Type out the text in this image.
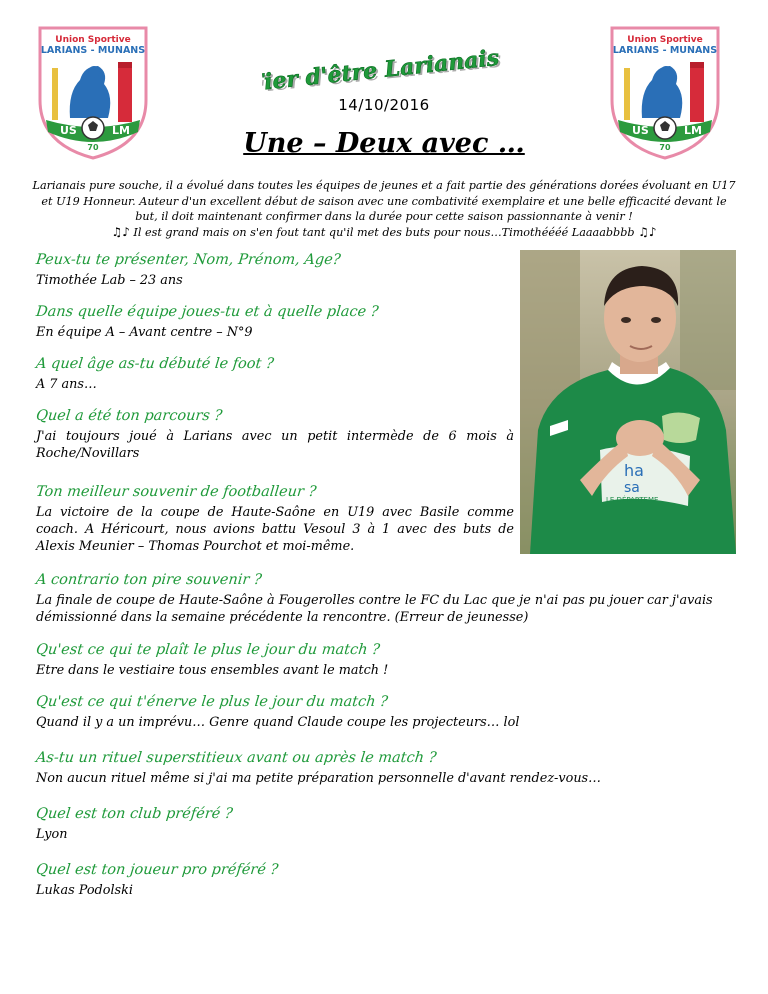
Union Sportive
LARIANS - MUNANS
US	LM
70
Union Sportive
LARIANS - MUNANS
US	LM
70
Fier d'être Larianais
Fier d'être Larianais
14/10/2016
Une – Deux avec …
Larianais pure souche, il a évolué dans toutes les équipes de jeunes et a fait partie des générations dorées évoluant en U17 et U19 Honneur. Auteur d'un excellent début de saison avec une combativité exemplaire et une belle efficacité devant le but, il doit maintenant confirmer dans la durée pour cette saison passionnante à venir !
♫♪ Il est grand mais on s'en fout tant qu'il met des buts pour nous…Timothéééé Laaaabbbb ♫♪
ha
sa
LE DÉPARTEME
Peux-tu te présenter, Nom, Prénom, Age?
Timothée Lab – 23 ans
Dans quelle équipe joues-tu et à quelle place ?
En équipe A – Avant centre – N°9
A quel âge as-tu débuté le foot ?
A 7 ans…
Quel a été ton parcours ?
J'ai toujours joué à Larians avec un petit intermède de 6 mois à Roche/Novillars
Ton meilleur souvenir de footballeur ?
La victoire de la coupe de Haute-Saône en U19 avec Basile comme coach. A Héricourt, nous avions battu Vesoul 3 à 1 avec des buts de Alexis Meunier – Thomas Pourchot et moi-même.
A contrario ton pire souvenir ?
La finale de coupe de Haute-Saône à Fougerolles contre le FC du Lac que je n'ai pas pu jouer car j'avais démissionné dans la semaine précédente la rencontre. (Erreur de jeunesse)
Qu'est ce qui te plaît le plus le jour du match ?
Etre dans le vestiaire tous ensembles avant le match !
Qu'est ce qui t'énerve le plus le jour du match ?
Quand il y a un imprévu… Genre quand Claude coupe les projecteurs… lol
As-tu un rituel superstitieux avant ou après le match ?
Non aucun rituel même si j'ai ma petite préparation personnelle d'avant rendez-vous…
Quel est ton club préféré ?
Lyon
Quel est ton joueur pro préféré ?
Lukas Podolski
